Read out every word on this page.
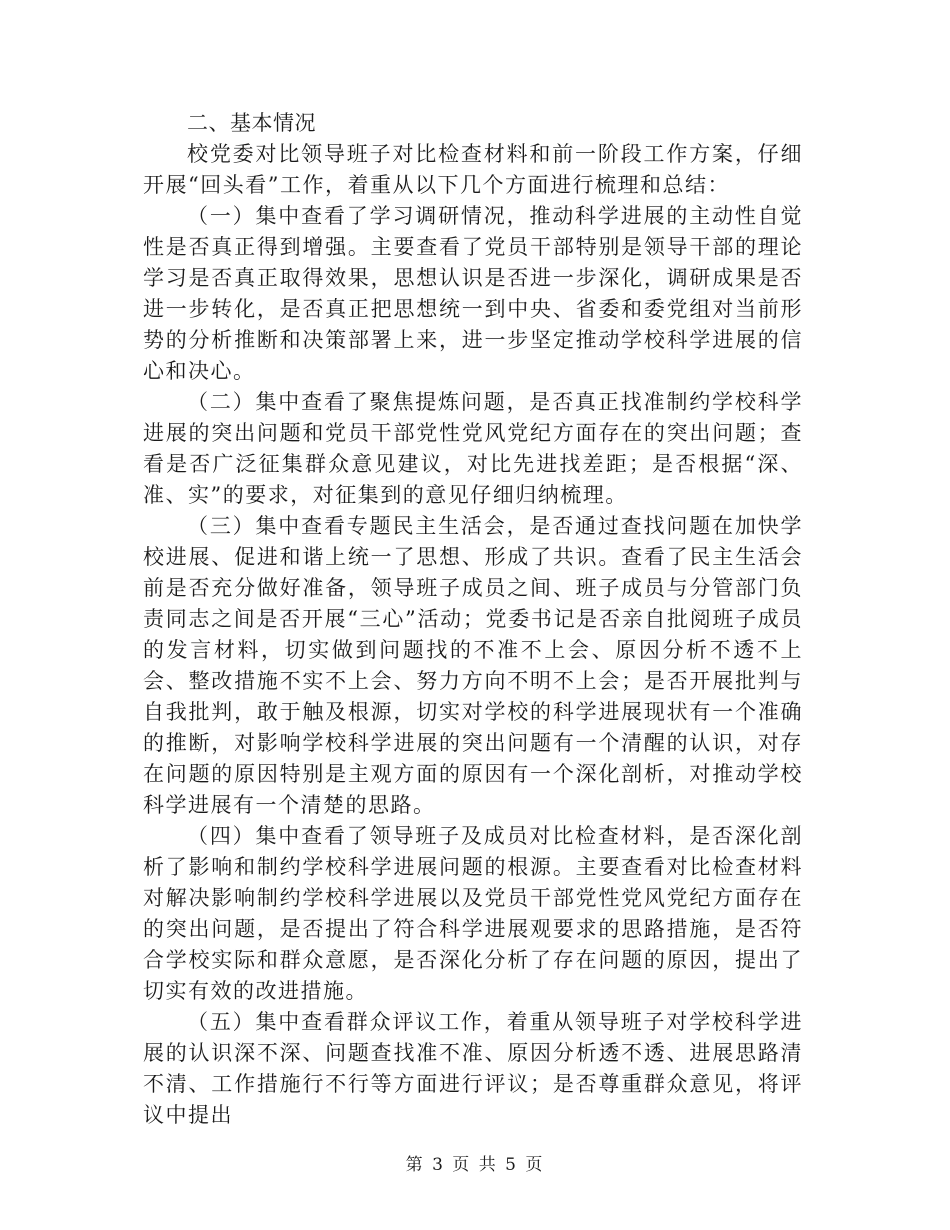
二、基本情况

校党委对比领导班子对比检查材料和前一阶段工作方案，仔细开展“回头看”工作，着重从以下几个方面进行梳理和总结：

（一）集中查看了学习调研情况，推动科学进展的主动性自觉性是否真正得到增强。主要查看了党员干部特别是领导干部的理论学习是否真正取得效果，思想认识是否进一步深化，调研成果是否进一步转化，是否真正把思想统一到中央、省委和委党组对当前形势的分析推断和决策部署上来，进一步坚定推动学校科学进展的信心和决心。

（二）集中查看了聚焦提炼问题，是否真正找准制约学校科学进展的突出问题和党员干部党性党风党纪方面存在的突出问题；查看是否广泛征集群众意见建议，对比先进找差距；是否根据“深、准、实”的要求，对征集到的意见仔细归纳梳理。

（三）集中查看专题民主生活会，是否通过查找问题在加快学校进展、促进和谐上统一了思想、形成了共识。查看了民主生活会前是否充分做好准备，领导班子成员之间、班子成员与分管部门负责同志之间是否开展“三心”活动；党委书记是否亲自批阅班子成员的发言材料，切实做到问题找的不准不上会、原因分析不透不上会、整改措施不实不上会、努力方向不明不上会；是否开展批判与自我批判，敢于触及根源，切实对学校的科学进展现状有一个准确的推断，对影响学校科学进展的突出问题有一个清醒的认识，对存在问题的原因特别是主观方面的原因有一个深化剖析，对推动学校科学进展有一个清楚的思路。

（四）集中查看了领导班子及成员对比检查材料，是否深化剖析了影响和制约学校科学进展问题的根源。主要查看对比检查材料对解决影响制约学校科学进展以及党员干部党性党风党纪方面存在的突出问题，是否提出了符合科学进展观要求的思路措施，是否符合学校实际和群众意愿，是否深化分析了存在问题的原因，提出了切实有效的改进措施。

（五）集中查看群众评议工作，着重从领导班子对学校科学进展的认识深不深、问题查找准不准、原因分析透不透、进展思路清不清、工作措施行不行等方面进行评议；是否尊重群众意见，将评议中提出

第 3 页 共 5 页
